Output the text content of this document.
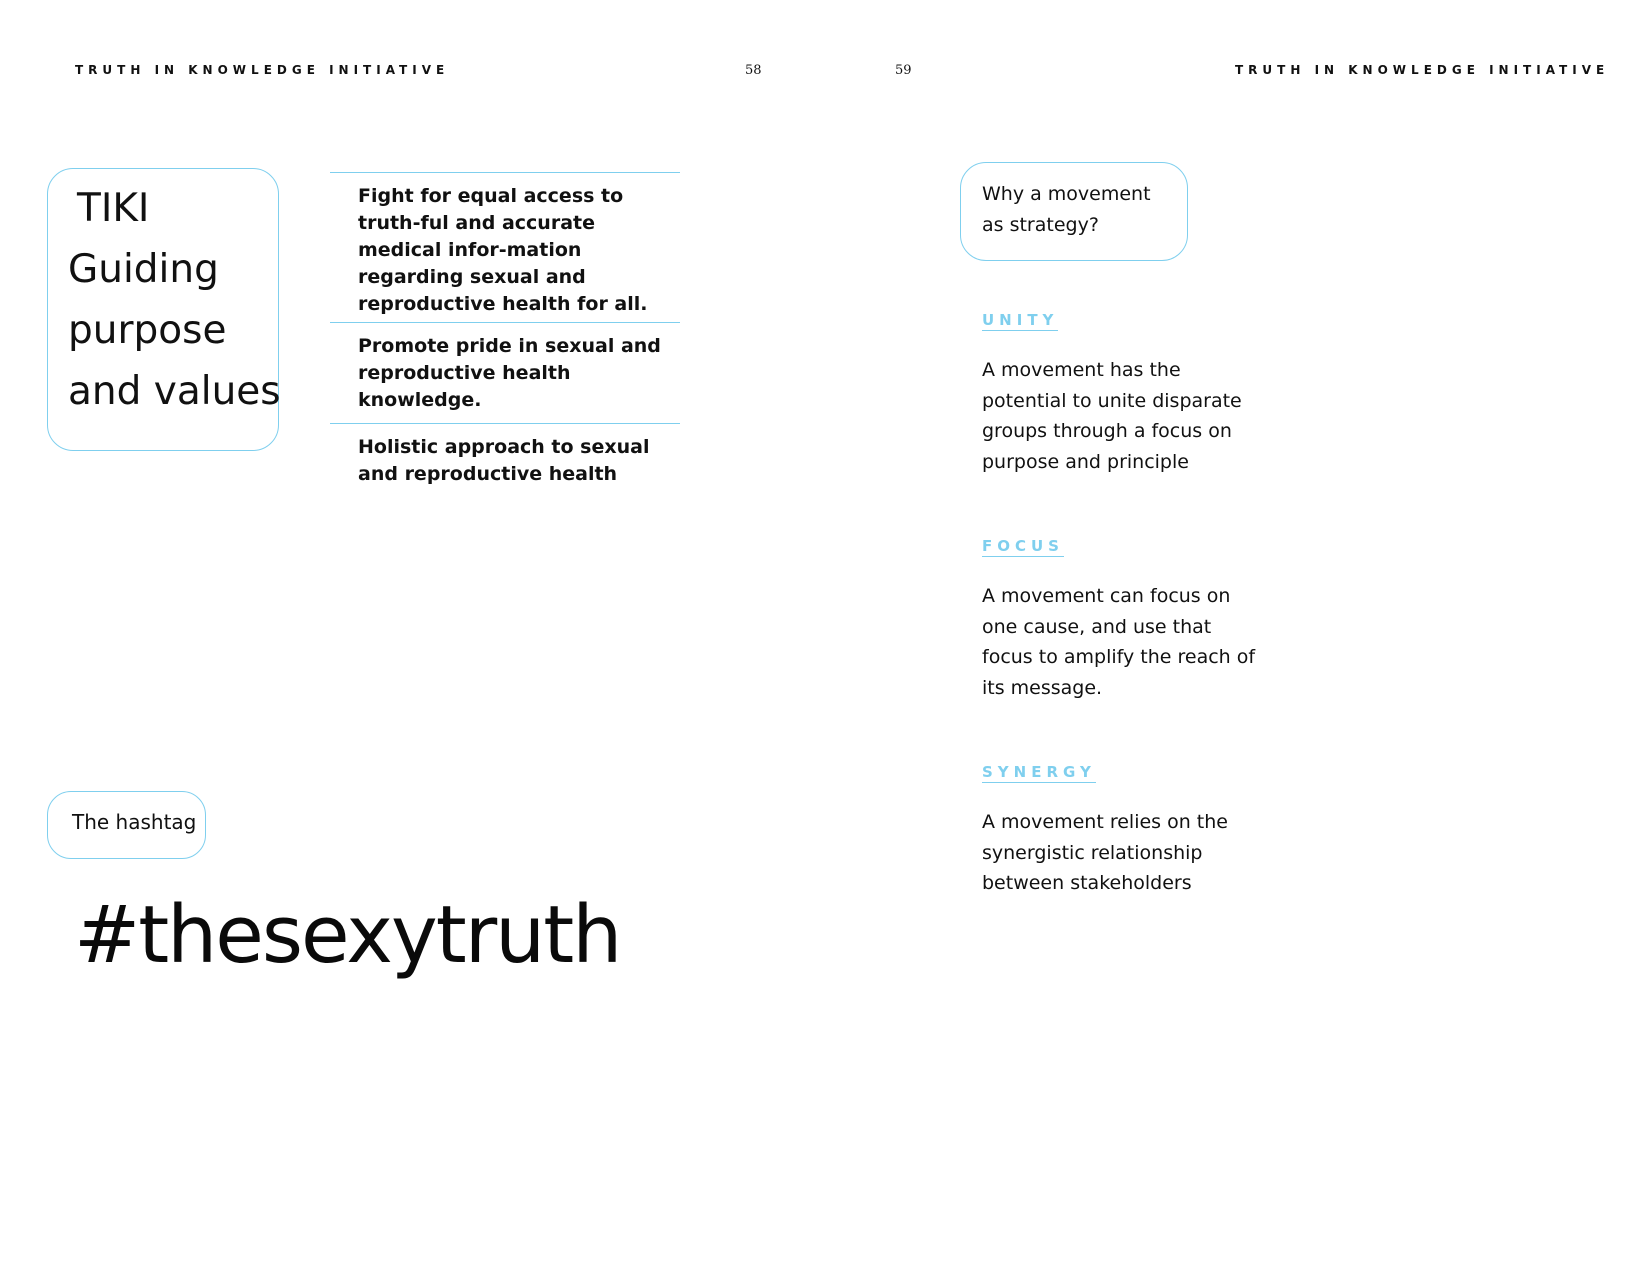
TRUTH IN KNOWLEDGE INITIATIVE	58	59	TRUTH IN KNOWLEDGE INITIATIVE

TIKI
Guiding
purpose
and values

Fight for equal access to truth-ful and accurate medical infor-mation regarding sexual and reproductive health for all.

Promote pride in sexual and reproductive health knowledge.

Holistic approach to sexual and reproductive health

The hashtag
#thesexytruth

Why a movement as strategy?

UNITY

A movement has the potential to unite disparate groups through a focus on purpose and principle

FOCUS

A movement can focus on one cause, and use that focus to amplify the reach of its message.

SYNERGY

A movement relies on the synergistic relationship between stakeholders
